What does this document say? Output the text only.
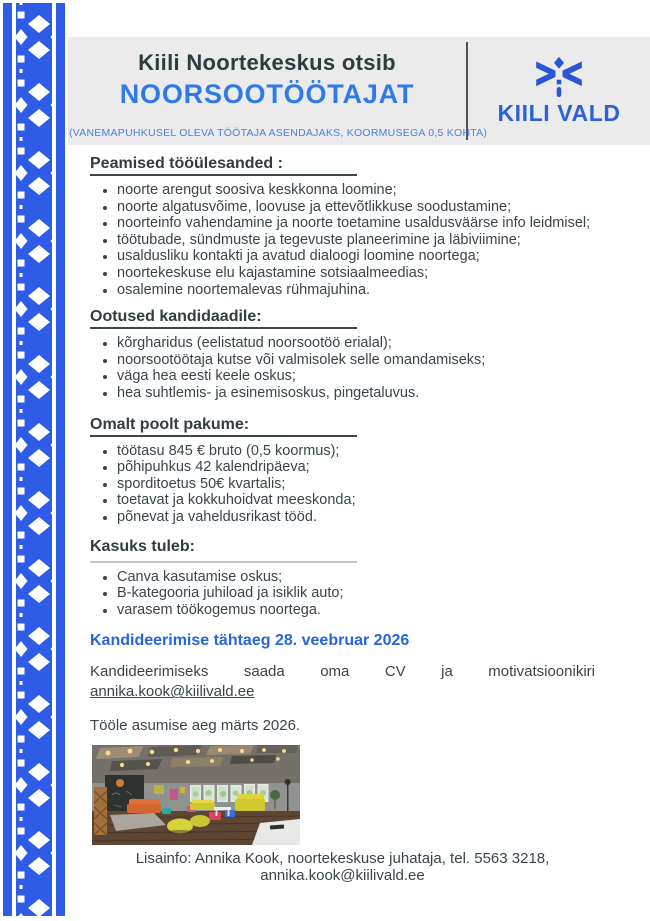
Kiili Noortekeskus otsib
NOORSOOTÖÖTAJAT
(VANEMAPUHKUSEL OLEVA TÖÖTAJA ASENDAJAKS, KOORMUSEGA 0,5 KOHTA)
KIILI VALD
Peamised tööülesanded :
• noorte arengut soosiva keskkonna loomine;
• noorte algatusvõime, loovuse ja ettevõtlikkuse soodustamine;
• noorteinfo vahendamine ja noorte toetamine usaldusväärse info leidmisel;
• töötubade, sündmuste ja tegevuste planeerimine ja läbiviimine;
• usaldusliku kontakti ja avatud dialoogi loomine noortega;
• noortekeskuse elu kajastamine sotsiaalmeedias;
• osalemine noortemalevas rühmajuhina.
Ootused kandidaadile:
• kõrgharidus (eelistatud noorsootöö erialal);
• noorsootöötaja kutse või valmisolek selle omandamiseks;
• väga hea eesti keele oskus;
• hea suhtlemis- ja esinemisoskus, pingetaluvus.
Omalt poolt pakume:
• töötasu 845 € bruto (0,5 koormus);
• põhipuhkus 42 kalendripäeva;
• sporditoetus 50€ kvartalis;
• toetavat ja kokkuhoidvat meeskonda;
• põnevat ja vaheldusrikast tööd.
Kasuks tuleb:
• Canva kasutamise oskus;
• B-kategooria juhiload ja isiklik auto;
• varasem töökogemus noortega.
Kandideerimise tähtaeg 28. veebruar 2026

Kandideerimiseks saada oma CV ja motivatsioonikiri annika.kook@kiilivald.ee

Tööle asumise aeg märts 2026.
Lisainfo: Annika Kook, noortekeskuse juhataja, tel. 5563 3218,
annika.kook@kiilivald.ee
